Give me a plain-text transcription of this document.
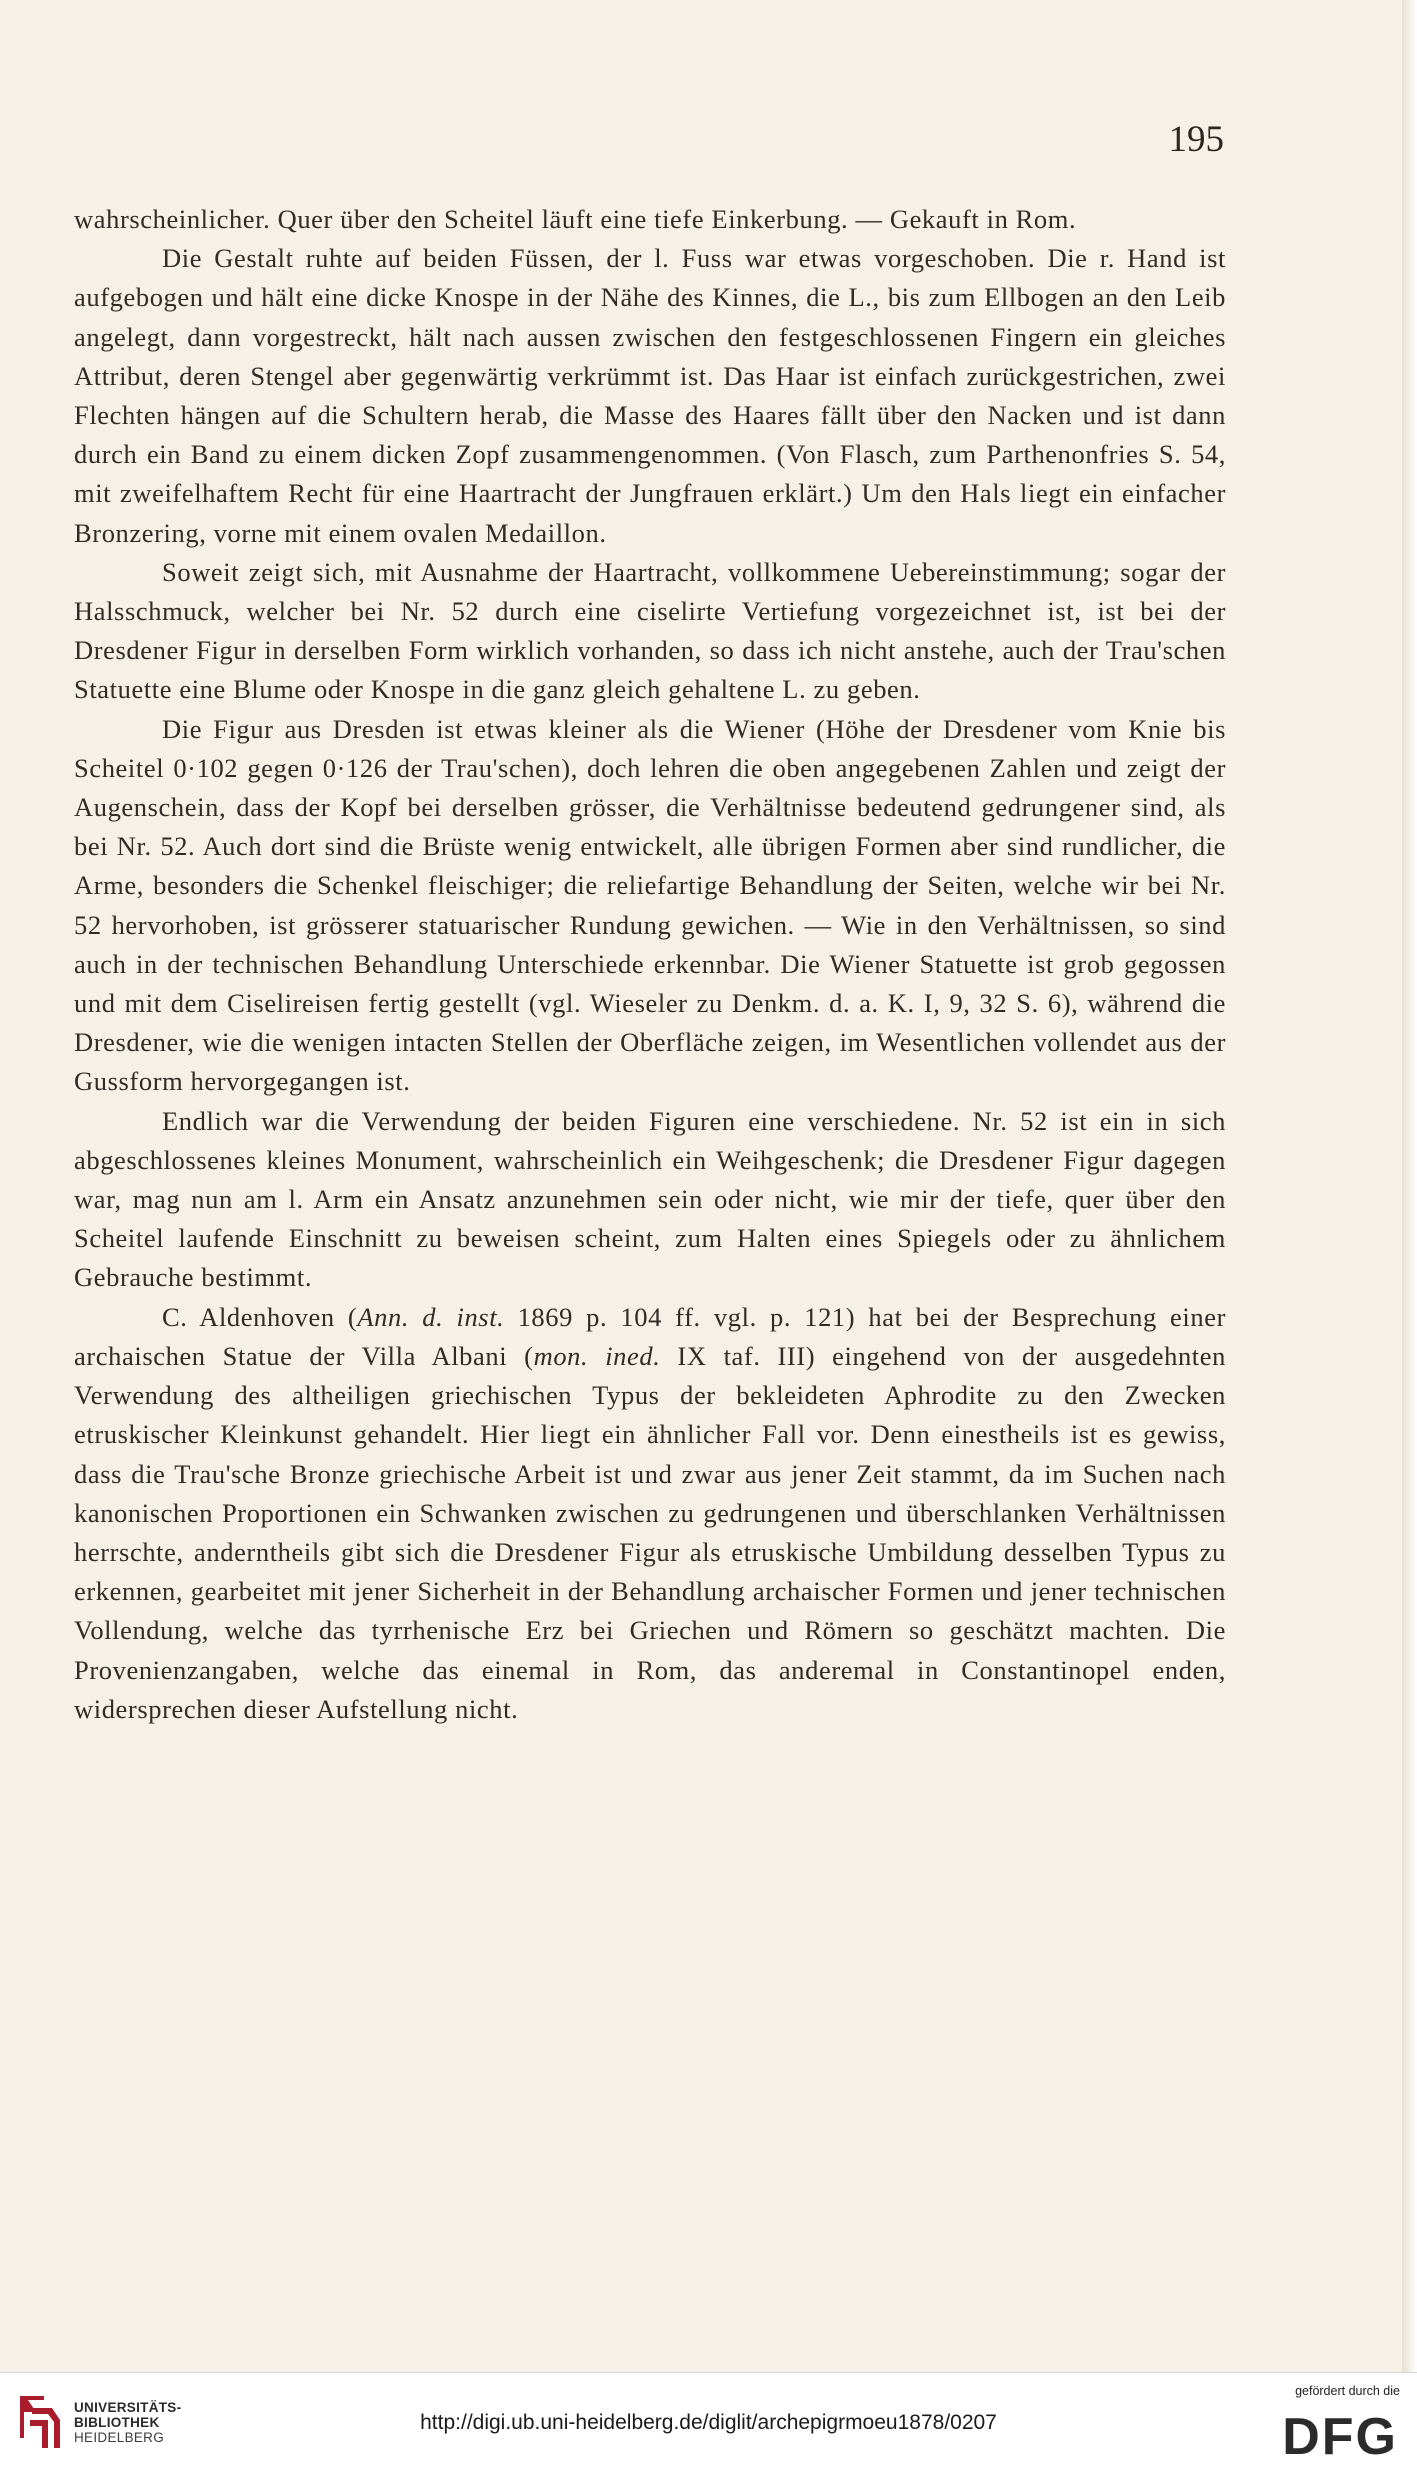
195

wahrscheinlicher. Quer über den Scheitel läuft eine tiefe Einkerbung. — Gekauft in Rom.

Die Gestalt ruhte auf beiden Füssen, der l. Fuss war etwas vorgeschoben. Die r. Hand ist aufgebogen und hält eine dicke Knospe in der Nähe des Kinnes, die L., bis zum Ellbogen an den Leib angelegt, dann vorgestreckt, hält nach aussen zwischen den festgeschlossenen Fingern ein gleiches Attribut, deren Stengel aber gegenwärtig verkrümmt ist. Das Haar ist einfach zurückgestrichen, zwei Flechten hängen auf die Schultern herab, die Masse des Haares fällt über den Nacken und ist dann durch ein Band zu einem dicken Zopf zusammengenommen. (Von Flasch, zum Parthenonfries S. 54, mit zweifelhaftem Recht für eine Haartracht der Jungfrauen erklärt.) Um den Hals liegt ein einfacher Bronzering, vorne mit einem ovalen Medaillon.

Soweit zeigt sich, mit Ausnahme der Haartracht, vollkommene Uebereinstimmung; sogar der Halsschmuck, welcher bei Nr. 52 durch eine ciselirte Vertiefung vorgezeichnet ist, ist bei der Dresdener Figur in derselben Form wirklich vorhanden, so dass ich nicht anstehe, auch der Trau'schen Statuette eine Blume oder Knospe in die ganz gleich gehaltene L. zu geben.

Die Figur aus Dresden ist etwas kleiner als die Wiener (Höhe der Dresdener vom Knie bis Scheitel 0·102 gegen 0·126 der Trau'schen), doch lehren die oben angegebenen Zahlen und zeigt der Augenschein, dass der Kopf bei derselben grösser, die Verhältnisse bedeutend gedrungener sind, als bei Nr. 52. Auch dort sind die Brüste wenig entwickelt, alle übrigen Formen aber sind rundlicher, die Arme, besonders die Schenkel fleischiger; die reliefartige Behandlung der Seiten, welche wir bei Nr. 52 hervorhoben, ist grösserer statuarischer Rundung gewichen. — Wie in den Verhältnissen, so sind auch in der technischen Behandlung Unterschiede erkennbar. Die Wiener Statuette ist grob gegossen und mit dem Ciselireisen fertig gestellt (vgl. Wieseler zu Denkm. d. a. K. I, 9, 32 S. 6), während die Dresdener, wie die wenigen intacten Stellen der Oberfläche zeigen, im Wesentlichen vollendet aus der Gussform hervorgegangen ist.

Endlich war die Verwendung der beiden Figuren eine verschiedene. Nr. 52 ist ein in sich abgeschlossenes kleines Monument, wahrscheinlich ein Weihgeschenk; die Dresdener Figur dagegen war, mag nun am l. Arm ein Ansatz anzunehmen sein oder nicht, wie mir der tiefe, quer über den Scheitel laufende Einschnitt zu beweisen scheint, zum Halten eines Spiegels oder zu ähnlichem Gebrauche bestimmt.

C. Aldenhoven (Ann. d. inst. 1869 p. 104 ff. vgl. p. 121) hat bei der Besprechung einer archaischen Statue der Villa Albani (mon. ined. IX taf. III) eingehend von der ausgedehnten Verwendung des altheiligen griechischen Typus der bekleideten Aphrodite zu den Zwecken etruskischer Kleinkunst gehandelt. Hier liegt ein ähnlicher Fall vor. Denn einestheils ist es gewiss, dass die Trau'sche Bronze griechische Arbeit ist und zwar aus jener Zeit stammt, da im Suchen nach kanonischen Proportionen ein Schwanken zwischen zu gedrungenen und überschlanken Verhältnissen herrschte, anderntheils gibt sich die Dresdener Figur als etruskische Umbildung desselben Typus zu erkennen, gearbeitet mit jener Sicherheit in der Behandlung archaischer Formen und jener technischen Vollendung, welche das tyrrhenische Erz bei Griechen und Römern so geschätzt machten. Die Provenienzangaben, welche das einemal in Rom, das anderemal in Constantinopel enden, widersprechen dieser Aufstellung nicht.

UNIVERSITÄTS-
BIBLIOTHEK
HEIDELBERG
http://digi.ub.uni-heidelberg.de/diglit/archepigrmoeu1878/0207
gefördert durch die
DFG
